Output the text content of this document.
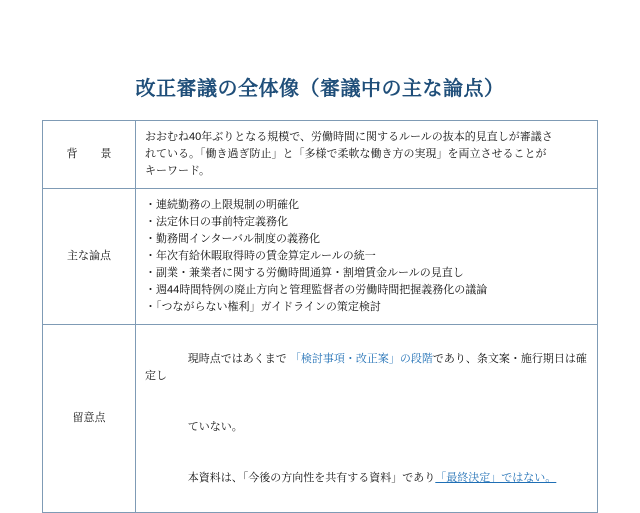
改正審議の全体像（審議中の主な論点）
背　景	おおむね40年ぶりとなる規模で、労働時間に関するルールの抜本的見直しが審議さ
れている。「働き過ぎ防止」と「多様で柔軟な働き方の実現」を両立させることが
キーワード。

主な論点	
・連続勤務の上限規制の明確化
・法定休日の事前特定義務化
・勤務間インターバル制度の義務化
・年次有給休暇取得時の賃金算定ルールの統一
・副業・兼業者に関する労働時間通算・割増賃金ルールの見直し
・週44時間特例の廃止方向と管理監督者の労働時間把握義務化の議論
・「つながらない権利」ガイドラインの策定検討

留意点	現時点ではあくまで 「検討事項・改正案」の段階であり、条文案・施行期日は確定し

ていない。

本資料は、「今後の方向性を共有する資料」であり「最終決定」ではない。
